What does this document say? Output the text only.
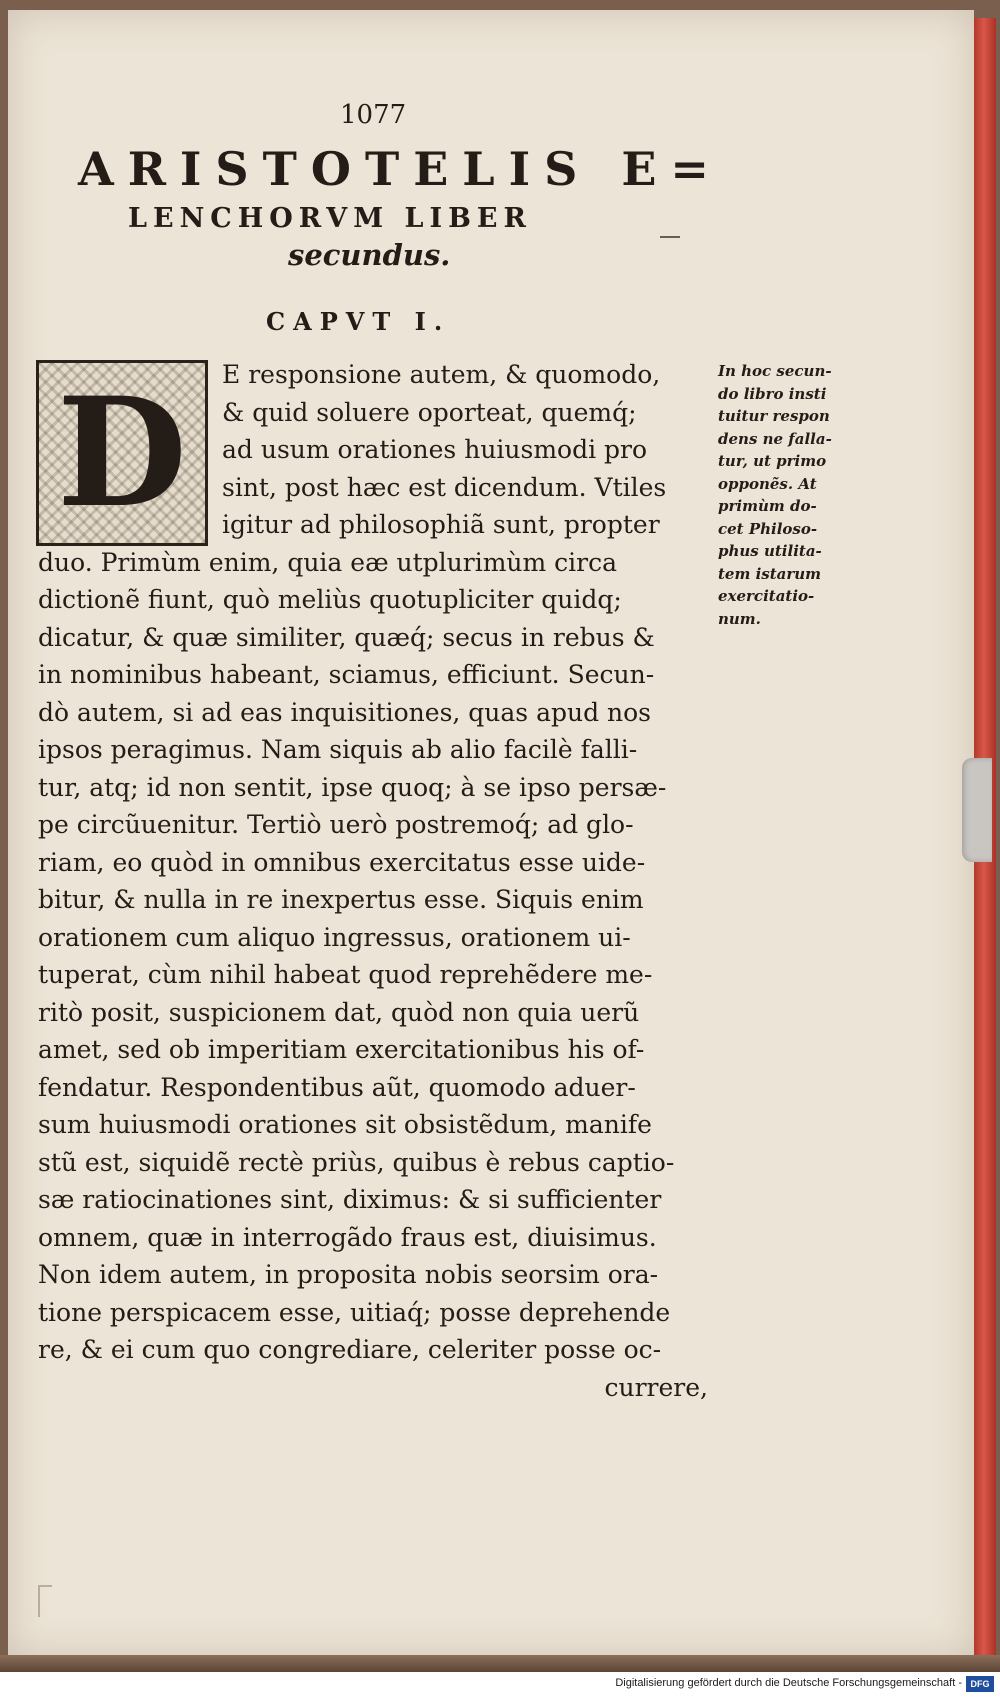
1077
ARISTOTELIS E=
LENCHORVM LIBER
secundus.
CAPVT I.
D	E responsione autem, & quomodo,
& quid soluere oporteat, quemq́;
ad usum orationes huiusmodi pro
sint, post hæc est dicendum. Vtiles
igitur ad philosophiã sunt, propter
duo. Primùm enim, quia eæ utplurimùm circa
dictionẽ fiunt, quò meliùs quotupliciter quidq;
dicatur, & quæ similiter, quæq́; secus in rebus &
in nominibus habeant, sciamus, efficiunt. Secun-
dò autem, si ad eas inquisitiones, quas apud nos
ipsos peragimus. Nam siquis ab alio facilè falli-
tur, atq; id non sentit, ipse quoq; à se ipso persæ-
pe circũuenitur. Tertiò uerò postremoq́; ad glo-
riam, eo quòd in omnibus exercitatus esse uide-
bitur, & nulla in re inexpertus esse. Siquis enim
orationem cum aliquo ingressus, orationem ui-
tuperat, cùm nihil habeat quod reprehẽdere me-
ritò posit, suspicionem dat, quòd non quia uerũ
amet, sed ob imperitiam exercitationibus his of-
fendatur. Respondentibus aũt, quomodo aduer-
sum huiusmodi orationes sit obsistẽdum, manife
stũ est, siquidẽ rectè priùs, quibus è rebus captio-
sæ ratiocinationes sint, diximus: & si sufficienter
omnem, quæ in interrogãdo fraus est, diuisimus.
Non idem autem, in proposita nobis seorsim ora-
tione perspicacem esse, uitiaq́; posse deprehende
re, & ei cum quo congrediare, celeriter posse oc-
currere,
In hoc secun-
do libro insti
tuitur respon
dens ne falla-
tur, ut primo
opponẽs. At
primùm do-
cet Philoso-
phus utilita-
tem istarum
exercitatio-
num.
Digitalisierung gefördert durch die Deutsche Forschungsgemeinschaft - DFG
